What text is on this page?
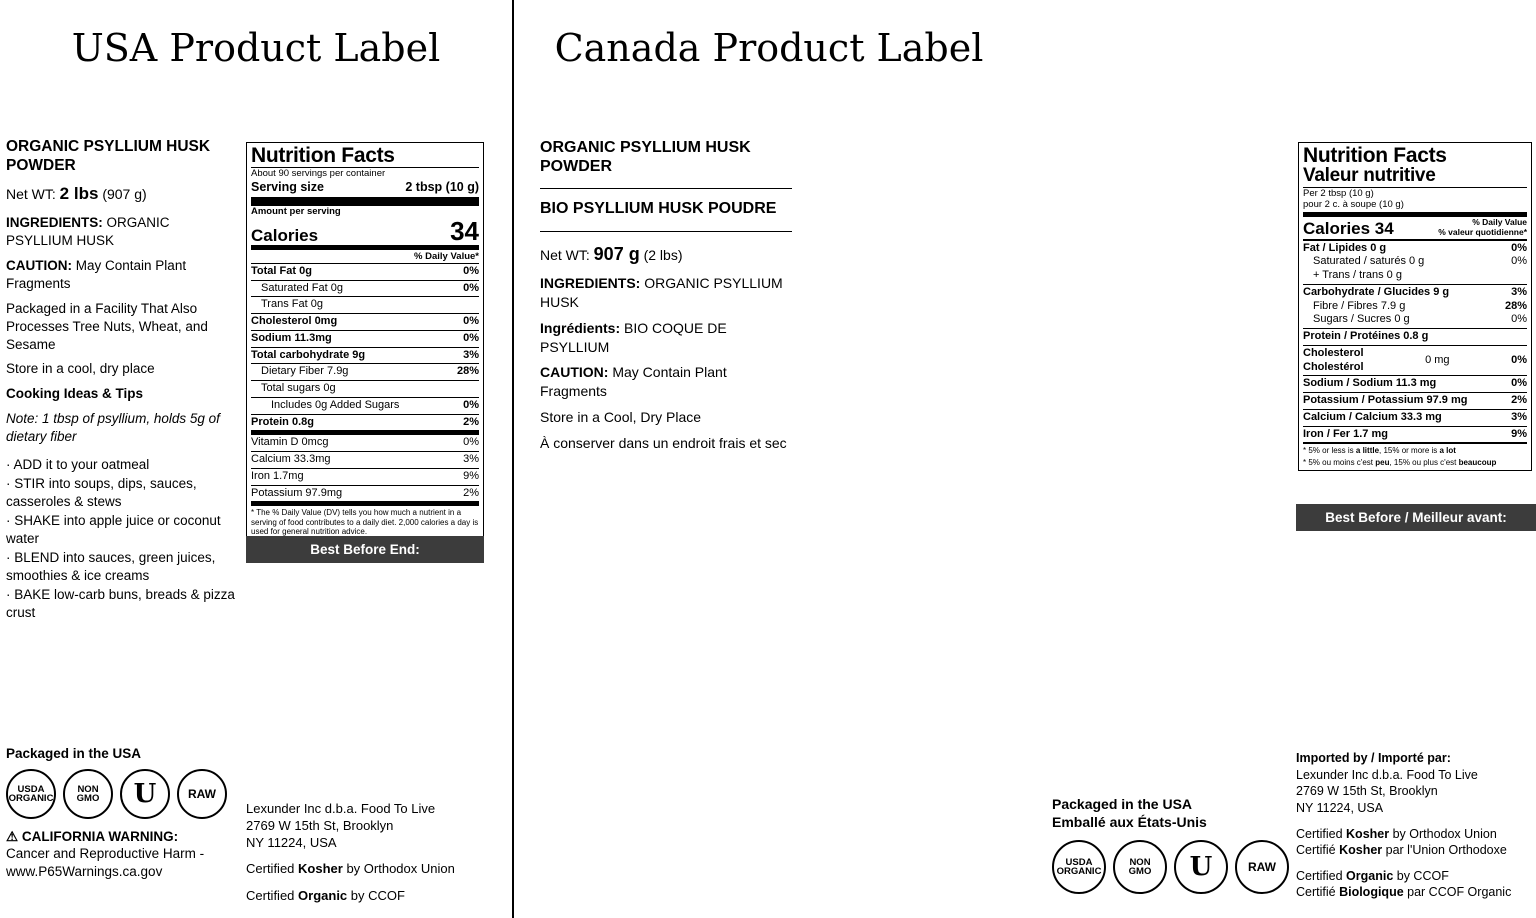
USA Product Label
ORGANIC PSYLLIUM HUSK POWDER
Net WT: 2 lbs (907 g)
INGREDIENTS: ORGANIC PSYLLIUM HUSK
CAUTION: May Contain Plant Fragments
Packaged in a Facility That Also Processes Tree Nuts, Wheat, and Sesame
Store in a cool, dry place
Cooking Ideas & Tips
Note: 1 tbsp of psyllium, holds 5g of dietary fiber
· ADD it to your oatmeal
· STIR into soups, dips, sauces, casseroles & stews
· SHAKE into apple juice or coconut water
· BLEND into sauces, green juices, smoothies & ice creams
· BAKE low-carb buns, breads & pizza crust
Nutrition Facts
About 90 servings per container
Serving size	2 tbsp (10 g)
Amount per serving
Calories	34
% Daily Value*
Total Fat 0g	0%
Saturated Fat 0g	0%
Trans Fat 0g
Cholesterol 0mg	0%
Sodium 11.3mg	0%
Total carbohydrate 9g	3%
Dietary Fiber 7.9g	28%
Total sugars 0g
Includes 0g Added Sugars	0%
Protein 0.8g	2%
Vitamin D 0mcg	0%
Calcium 33.3mg	3%
Iron 1.7mg	9%
Potassium 97.9mg	2%
* The % Daily Value (DV) tells you how much a nutrient in a serving of food contributes to a daily diet. 2,000 calories a day is used for general nutrition advice.
Best Before End:
Packaged in the USA
USDA
ORGANIC
NON
GMO U	RAW
⚠ CALIFORNIA WARNING:
Cancer and Reproductive Harm - www.P65Warnings.ca.gov
Lexunder Inc d.b.a. Food To Live
2769 W 15th St, Brooklyn
NY 11224, USA
Certified Kosher by Orthodox Union
Certified Organic by CCOF
Canada Product Label
ORGANIC PSYLLIUM HUSK POWDER
BIO PSYLLIUM HUSK POUDRE
Net WT: 907 g (2 lbs)
INGREDIENTS: ORGANIC PSYLLIUM HUSK
Ingrédients: BIO COQUE DE PSYLLIUM
CAUTION: May Contain Plant Fragments
Store in a Cool, Dry Place
À conserver dans un endroit frais et sec
Nutrition Facts
Valeur nutritive
Per 2 tbsp (10 g)
pour 2 c. à soupe (10 g)
Calories 34	% Daily Value
% valeur quotidienne*
Fat / Lipides 0 g	0%
Saturated / saturés 0 g	0%
+ Trans / trans 0 g
Carbohydrate / Glucides 9 g	3%
Fibre / Fibres 7.9 g	28%
Sugars / Sucres 0 g	0%
Protein / Protéines 0.8 g
Cholesterol
Cholestérol
0 mg	0%
Sodium / Sodium 11.3 mg	0%
Potassium / Potassium 97.9 mg	2%
Calcium / Calcium 33.3 mg	3%
Iron / Fer 1.7 mg	9%
* 5% or less is a little, 15% or more is a lot
* 5% ou moins c'est peu, 15% ou plus c'est beaucoup
Best Before / Meilleur avant:
Packaged in the USA
Emballé aux États-Unis
USDA
ORGANIC
NON
GMO U	RAW
Imported by / Importé par:
Lexunder Inc d.b.a. Food To Live
2769 W 15th St, Brooklyn
NY 11224, USA
Certified Kosher by Orthodox Union
Certifié Kosher par l'Union Orthodoxe
Certified Organic by CCOF
Certifié Biologique par CCOF Organic
